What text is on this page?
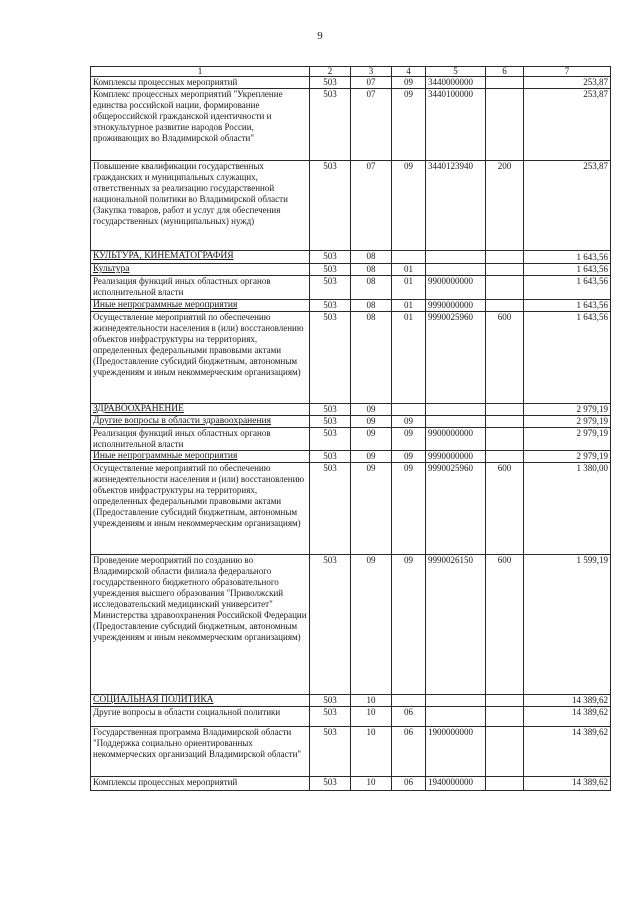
9
1	2	3	4	5	6	7
Комплексы процессных мероприятий	503	07	09	3440000000		253,87
Комплекс процессных мероприятий "Укрепление единства российской нации, формирование общероссийской гражданской идентичности и этнокультурное развитие народов России, проживающих во Владимирской области"	503	07	09	3440100000		253,87
Повышение квалификации государственных гражданских и муниципальных служащих, ответственных за реализацию государственной национальной политики во Владимирской области (Закупка товаров, работ и услуг для обеспечения государственных (муниципальных) нужд)	503	07	09	3440123940	200	253,87
КУЛЬТУРА, КИНЕМАТОГРАФИЯ	503	08				1 643,56
Культура	503	08	01			1 643,56
Реализация функций иных областных органов исполнительной власти	503	08	01	9900000000		1 643,56
Иные непрограммные мероприятия	503	08	01	9990000000		1 643,56
Осуществление мероприятий по обеспечению жизнедеятельности населения в (или) восстановлению объектов инфраструктуры на территориях, определенных федеральными правовыми актами (Предоставление субсидий бюджетным, автономным учреждениям и иным некоммерческим организациям)	503	08	01	9990025960	600	1 643,56
ЗДРАВООХРАНЕНИЕ	503	09				2 979,19
Другие вопросы в области здравоохранения	503	09	09			2 979,19
Реализация функций иных областных органов исполнительной власти	503	09	09	9900000000		2 979,19
Иные непрограммные мероприятия	503	09	09	9990000000		2 979,19
Осуществление мероприятий по обеспечению жизнедеятельности населения и (или) восстановлению объектов инфраструктуры на территориях, определенных федеральными правовыми актами (Предоставление субсидий бюджетным, автономным учреждениям и иным некоммерческим организациям)	503	09	09	9990025960	600	1 380,00
Проведение мероприятий по созданию во Владимирской области филиала федерального государственного бюджетного образовательного учреждения высшего образования "Приволжский исследовательский медицинский университет" Министерства здравоохранения Российской Федерации (Предоставление субсидий бюджетным, автономным учреждениям и иным некоммерческим организациям)	503	09	09	9990026150	600	1 599,19
СОЦИАЛЬНАЯ ПОЛИТИКА	503	10				14 389,62
Другие вопросы в области социальной политики	503	10	06			14 389,62
Государственная программа Владимирской области "Поддержка социально ориентированных некоммерческих организаций Владимирской области"	503	10	06	1900000000		14 389,62
Комплексы процессных мероприятий	503	10	06	1940000000		14 389,62
